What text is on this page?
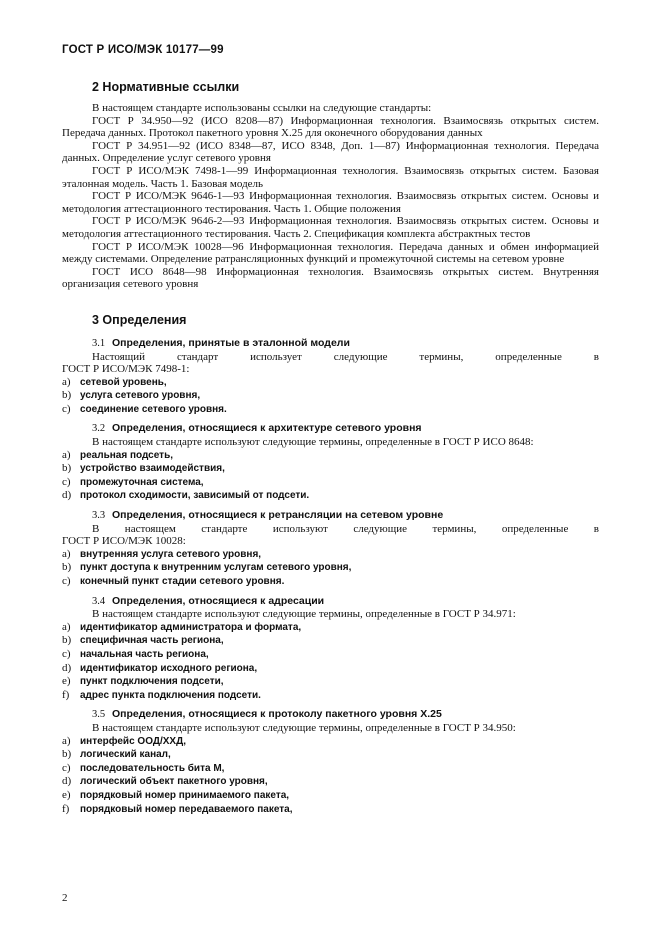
ГОСТ Р ИСО/МЭК 10177—99
2 Нормативные ссылки

В настоящем стандарте использованы ссылки на следующие стандарты:

ГОСТ Р 34.950—92 (ИСО 8208—87) Информационная технология. Взаимосвязь открытых систем. Передача данных. Протокол пакетного уровня X.25 для оконечного оборудования данных

ГОСТ Р 34.951—92 (ИСО 8348—87, ИСО 8348, Доп. 1—87) Информационная технология. Передача данных. Определение услуг сетевого уровня

ГОСТ Р ИСО/МЭК 7498-1—99 Информационная технология. Взаимосвязь открытых систем. Базовая эталонная модель. Часть 1. Базовая модель

ГОСТ Р ИСО/МЭК 9646-1—93 Информационная технология. Взаимосвязь открытых систем. Основы и методология аттестационного тестирования. Часть 1. Общие положения

ГОСТ Р ИСО/МЭК 9646-2—93 Информационная технология. Взаимосвязь открытых систем. Основы и методология аттестационного тестирования. Часть 2. Спецификация комплекта абстрактных тестов

ГОСТ Р ИСО/МЭК 10028—96 Информационная технология. Передача данных и обмен информацией между системами. Определение ратрансляционных функций и промежуточной системы на сетевом уровне

ГОСТ ИСО 8648—98 Информационная технология. Взаимосвязь открытых систем. Внутренняя организация сетевого уровня

3 Определения
3.1 Определения, принятые в эталонной модели

Настоящий стандарт использует следующие термины, определенные в

ГОСТ Р ИСО/МЭК 7498-1:

a) сетевой уровень,
b) услуга сетевого уровня,
c) соединение сетевого уровня.
3.2 Определения, относящиеся к архитектуре сетевого уровня

В настоящем стандарте используют следующие термины, определенные в ГОСТ Р ИСО 8648:

a) реальная подсеть,
b) устройство взаимодействия,
c) промежуточная система,
d) протокол сходимости, зависимый от подсети.
3.3 Определения, относящиеся к ретрансляции на сетевом уровне

В настоящем стандарте используют следующие термины, определенные в

ГОСТ Р ИСО/МЭК 10028:

a) внутренняя услуга сетевого уровня,
b) пункт доступа к внутренним услугам сетевого уровня,
c) конечный пункт стадии сетевого уровня.
3.4 Определения, относящиеся к адресации

В настоящем стандарте используют следующие термины, определенные в ГОСТ Р 34.971:

a) идентификатор администратора и формата,
b) специфичная часть региона,
c) начальная часть региона,
d) идентификатор исходного региона,
e) пункт подключения подсети,
f) адрес пункта подключения подсети.
3.5 Определения, относящиеся к протоколу пакетного уровня X.25

В настоящем стандарте используют следующие термины, определенные в ГОСТ Р 34.950:

a) интерфейс ООД/ХХД,
b) логический канал,
c) последовательность бита М,
d) логический объект пакетного уровня,
e) порядковый номер принимаемого пакета,
f) порядковый номер передаваемого пакета,
2
